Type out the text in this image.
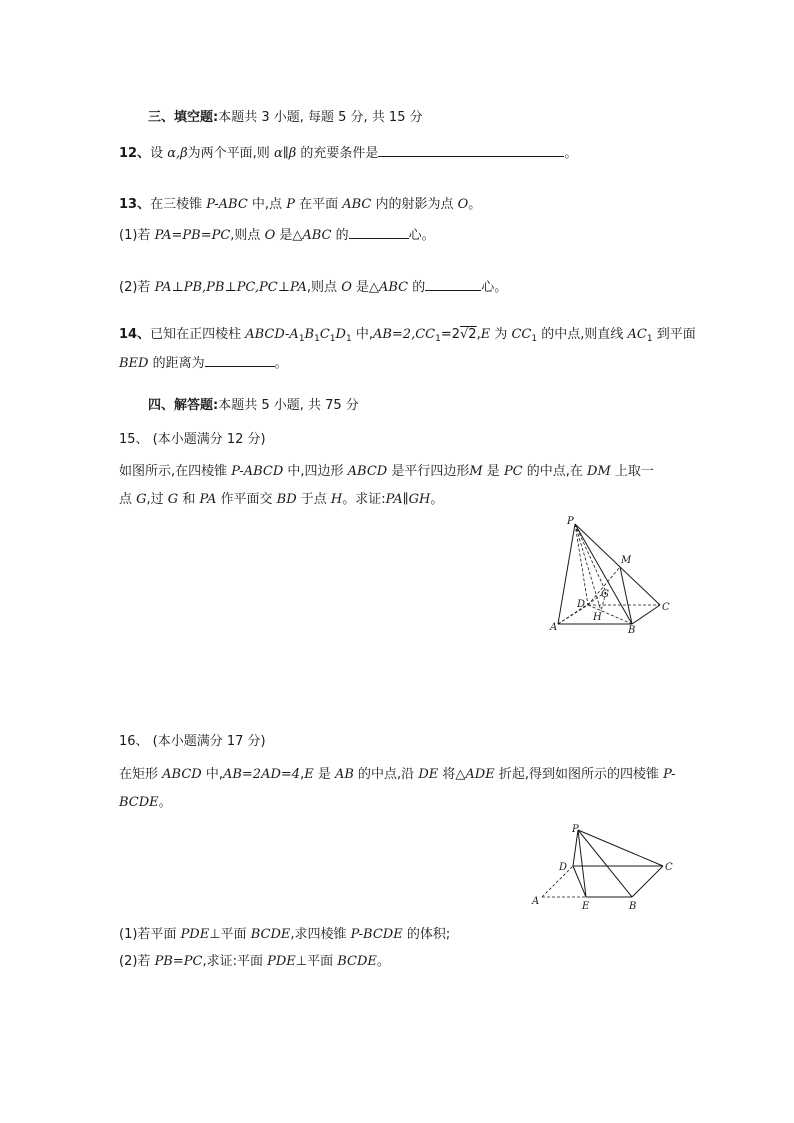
三、填空题:本题共 3 小题, 每题 5 分, 共 15 分
12、设 α,β为两个平面,则 α∥β 的充要条件是	。
13、在三棱锥 P-ABC 中,点 P 在平面 ABC 内的射影为点 O。
(1)若 PA=PB=PC,则点 O 是△ABC 的	心。
(2)若 PA⊥PB,PB⊥PC,PC⊥PA,则点 O 是△ABC 的	心。
14、已知在正四棱柱 ABCD-$A_1B_1C_1D_1$ 中$,AB=2,CC_1=2√2,E$ 为 $CC_1$ 的中点,则直线 $AC_1$ 到平面
BED 的距离为	。
四、解答题:本题共 5 小题, 共 75 分
15、 (本小题满分 12 分)
如图所示,在四棱锥 P-ABCD 中,四边形 ABCD 是平行四边形M 是 PC 的中点,在 DM 上取一
点 G,过 G 和 PA 作平面交 BD 于点 H。求证:PA∥GH。
P
M
G
D	C
A
H
B
16、 (本小题满分 17 分)
在矩形 ABCD 中,AB=2AD=4,E 是 AB 的中点,沿 DE 将△ADE 折起,得到如图所示的四棱锥 P-
BCDE。
P
D	C
A	E	B
(1)若平面 PDE⊥平面 BCDE,求四棱锥 P-BCDE 的体积;
(2)若 PB=PC,求证:平面 PDE⊥平面 BCDE。
